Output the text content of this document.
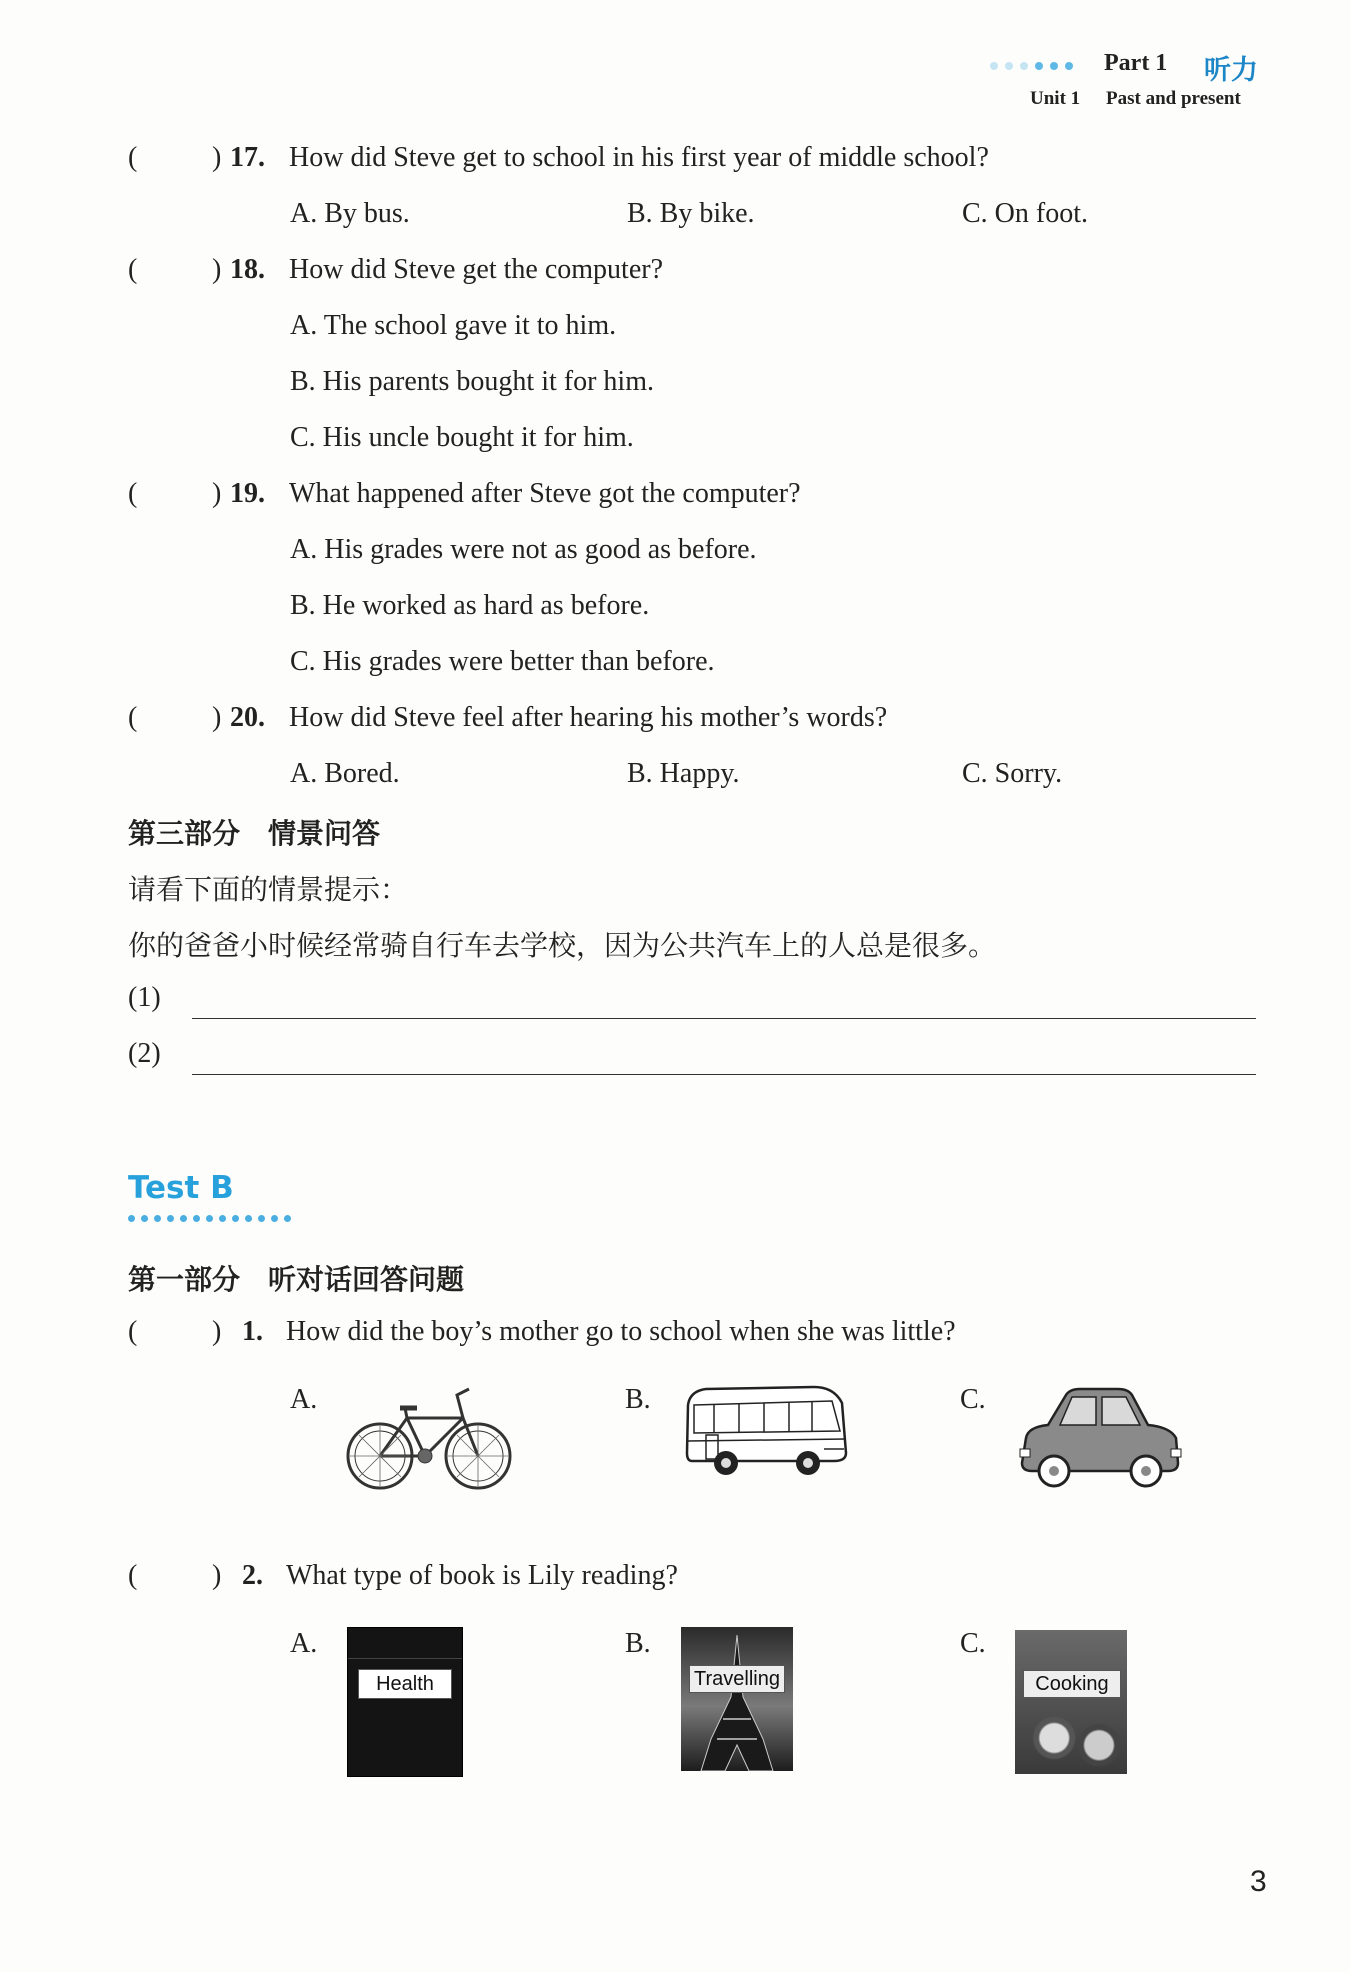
Part 1 听力
Unit 1 Past and present
(	) 17. How did Steve get to school in his first year of middle school?
A. By bus.	B. By bike.	C. On foot.
(	) 18. How did Steve get the computer?
A. The school gave it to him.
B. His parents bought it for him.
C. His uncle bought it for him.
(	) 19. What happened after Steve got the computer?
A. His grades were not as good as before.
B. He worked as hard as before.
C. His grades were better than before.
(	) 20. How did Steve feel after hearing his mother’s words?
A. Bored.	B. Happy.	C. Sorry.
第三部分　情景问答
请看下面的情景提示：
你的爸爸小时候经常骑自行车去学校，因为公共汽车上的人总是很多。
(1)
(2)
Test B
第一部分　听对话回答问题
(	) 1. How did the boy’s mother go to school when she was little?
A.	B.	C.
(	) 2. What type of book is Lily reading?
A.	B.	C.
Health	Travelling	Cooking
3
